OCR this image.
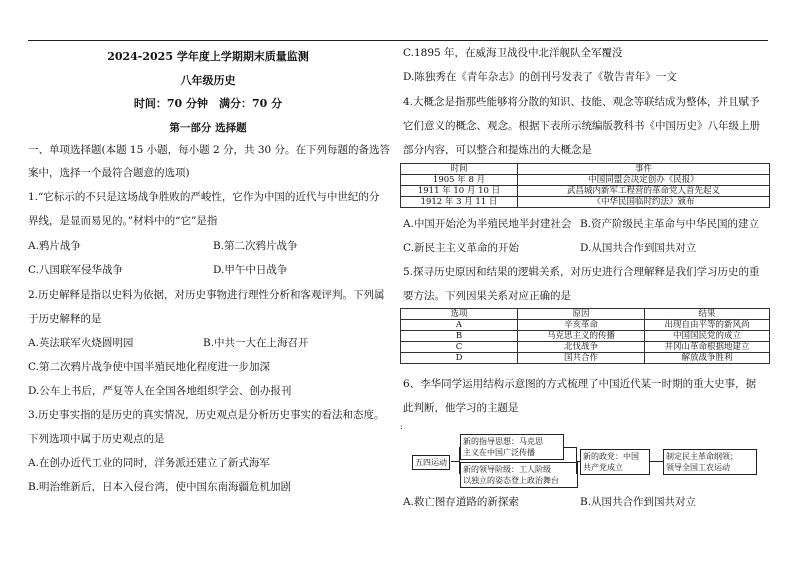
2024-2025 学年度上学期期末质量监测
八年级历史
时间：70 分钟　满分：70 分
第一部分 选择题
一、单项选择题(本题 15 小题，每小题 2 分，共 30 分。在下列每题的备选答
案中，选择一个最符合题意的选项)
1.“它标示的不只是这场战争胜败的严峻性，它作为中国的近代与中世纪的分
界线，是显而易见的。”材料中的“它”是指
A.鸦片战争	B.第二次鸦片战争
C.八国联军侵华战争	D.甲午中日战争
2.历史解释是指以史料为依据，对历史事物进行理性分析和客观评判。下列属
于历史解释的是
A.英法联军火烧圆明园	B.中共一大在上海召开
C.第二次鸦片战争使中国半殖民地化程度进一步加深
D.公车上书后，严复等人在全国各地组织学会、创办报刊
3.历史事实指的是历史的真实情况，历史观点是分析历史事实的看法和态度。
下列选项中属于历史观点的是
A.在创办近代工业的同时，洋务派还建立了新式海军
B.明治维新后，日本入侵台湾，使中国东南海疆危机加剧
C.1895 年，在威海卫战役中北洋舰队全军覆没
D.陈独秀在《青年杂志》的创刊号发表了《敬告青年》一文
4.大概念是指那些能够将分散的知识、技能、观念等联结成为整体，并且赋予
它们意义的概念、观念。根据下表所示统编版教科书《中国历史》八年级上册
部分内容，可以整合和提炼出的大概念是
时间	事件
1905 年 8 月	中国同盟会决定创办《民报》
1911 年 10 月 10 日	武昌城内新军工程营的革命党人首先起义
1912 年 3 月 11 日	《中华民国临时约法》颁布
A.中国开始沦为半殖民地半封建社会 B.资产阶级民主革命与中华民国的建立
C.新民主主义革命的开始	D.从国共合作到国共对立
5.探寻历史原因和结果的逻辑关系，对历史进行合理解释是我们学习历史的重
要方法。下列因果关系对应正确的是
选项	原因	结果
A	辛亥革命	出现自由平等的新风尚
B	马克思主义的传播	中国国民党的成立
C	北伐战争	井冈山革命根据地建立
D	国共合作	解放战争胜利
6、李华同学运用结构示意图的方式梳理了中国近代某一时期的重大史事，据
此判断，他学习的主题是
:
五四运动
新的指导思想：马克思
主义在中国广泛传播
新的领导阶级：工人阶级
以独立的姿态登上政治舞台
新的政党：中国
共产党成立
制定民主革命纲领；
领导全国工农运动
A.救亡图存道路的新探索	B.从国共合作到国共对立
